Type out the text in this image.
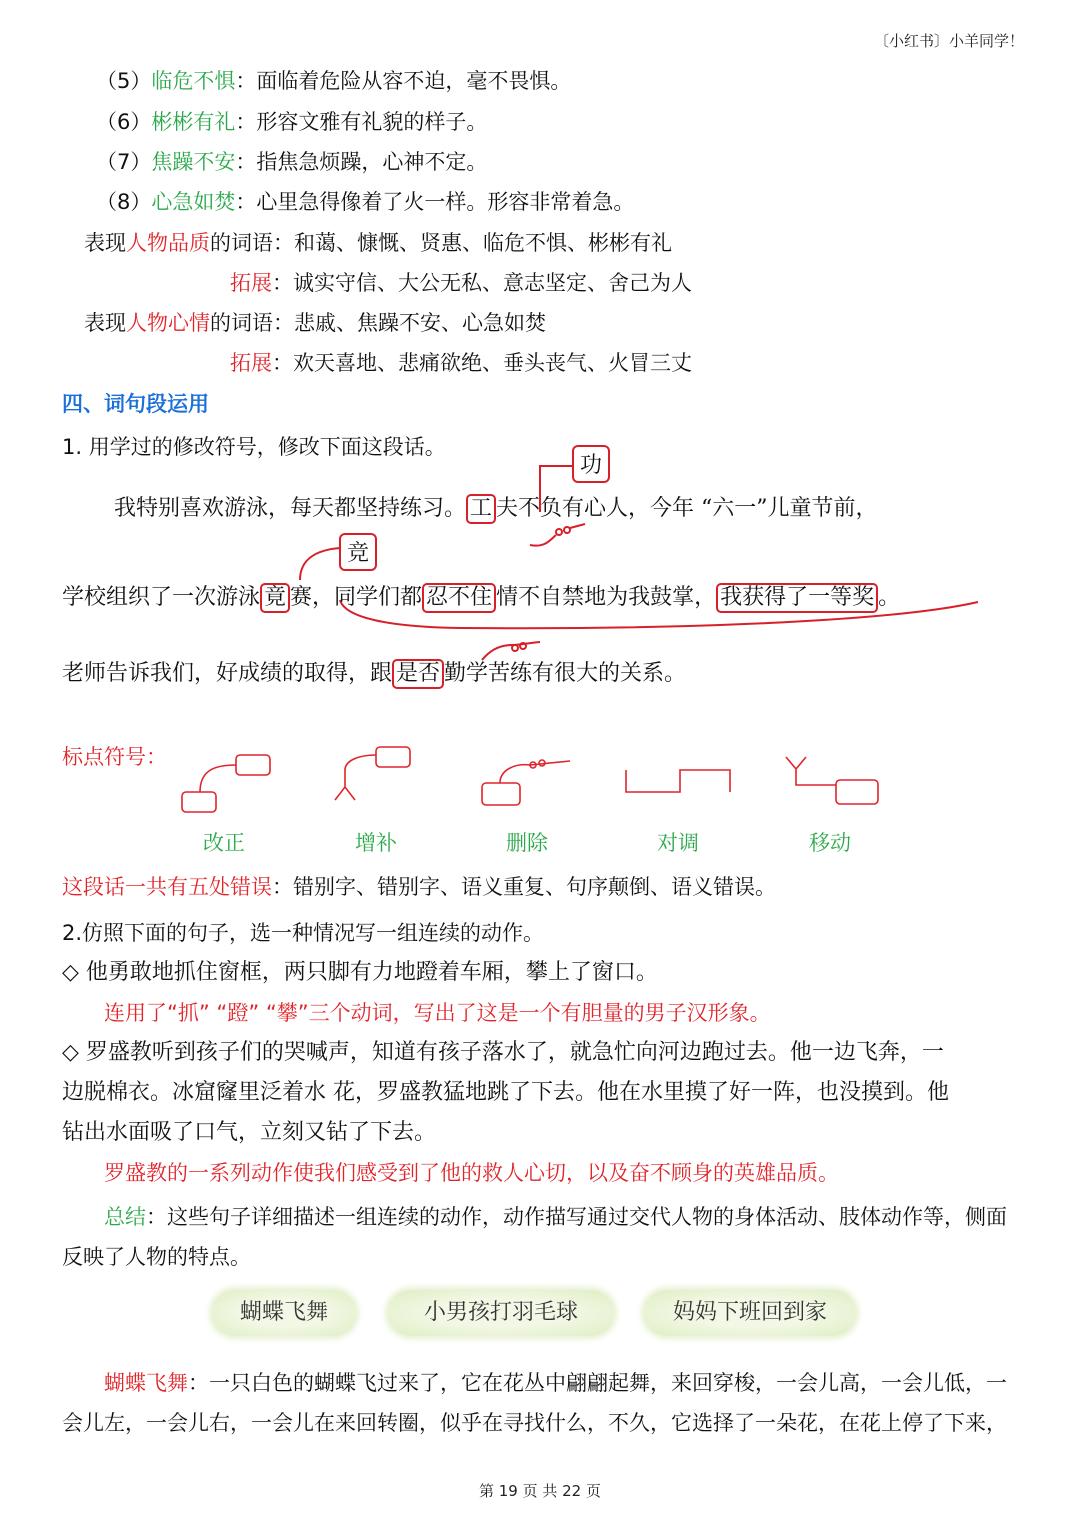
〔小红书〕小羊同学！
（5）临危不惧：面临着危险从容不迫，毫不畏惧。
（6）彬彬有礼：形容文雅有礼貌的样子。
（7）焦躁不安：指焦急烦躁，心神不定。
（8）心急如焚：心里急得像着了火一样。形容非常着急。
表现人物品质的词语：和蔼、慷慨、贤惠、临危不惧、彬彬有礼
拓展：诚实守信、大公无私、意志坚定、舍己为人
表现人物心情的词语：悲戚、焦躁不安、心急如焚
拓展：欢天喜地、悲痛欲绝、垂头丧气、火冒三丈
四、词句段运用
1. 用学过的修改符号，修改下面这段话。
我特别喜欢游泳，每天都坚持练习。 工 夫不负有心人，今年 “六一”儿童节前，
功
竞
学校组织了一次游泳 竟 赛，同学们都 忍不住 情不自禁地为我鼓掌， 我获得了一等奖 。
老师告诉我们，好成绩的取得，跟 是否 勤学苦练有很大的关系。
标点符号：
改正	增补	删除	对调	移动
这段话一共有五处错误：错别字、错别字、语义重复、句序颠倒、语义错误。
2.仿照下面的句子，选一种情况写一组连续的动作。
◇ 他勇敢地抓住窗框，两只脚有力地蹬着车厢，攀上了窗口。
连用了“抓” “蹬” “攀”三个动词，写出了这是一个有胆量的男子汉形象。
◇ 罗盛教听到孩子们的哭喊声，知道有孩子落水了，就急忙向河边跑过去。他一边飞奔，一
边脱棉衣。冰窟窿里泛着水 花，罗盛教猛地跳了下去。他在水里摸了好一阵，也没摸到。他
钻出水面吸了口气，立刻又钻了下去。
罗盛教的一系列动作使我们感受到了他的救人心切，以及奋不顾身的英雄品质。
总结：这些句子详细描述一组连续的动作，动作描写通过交代人物的身体活动、肢体动作等，侧面
反映了人物的特点。
蝴蝶飞舞	小男孩打羽毛球	妈妈下班回到家
蝴蝶飞舞：一只白色的蝴蝶飞过来了，它在花丛中翩翩起舞，来回穿梭，一会儿高，一会儿低，一
会儿左，一会儿右，一会儿在来回转圈，似乎在寻找什么，不久，它选择了一朵花，在花上停了下来，
第 19 页 共 22 页
